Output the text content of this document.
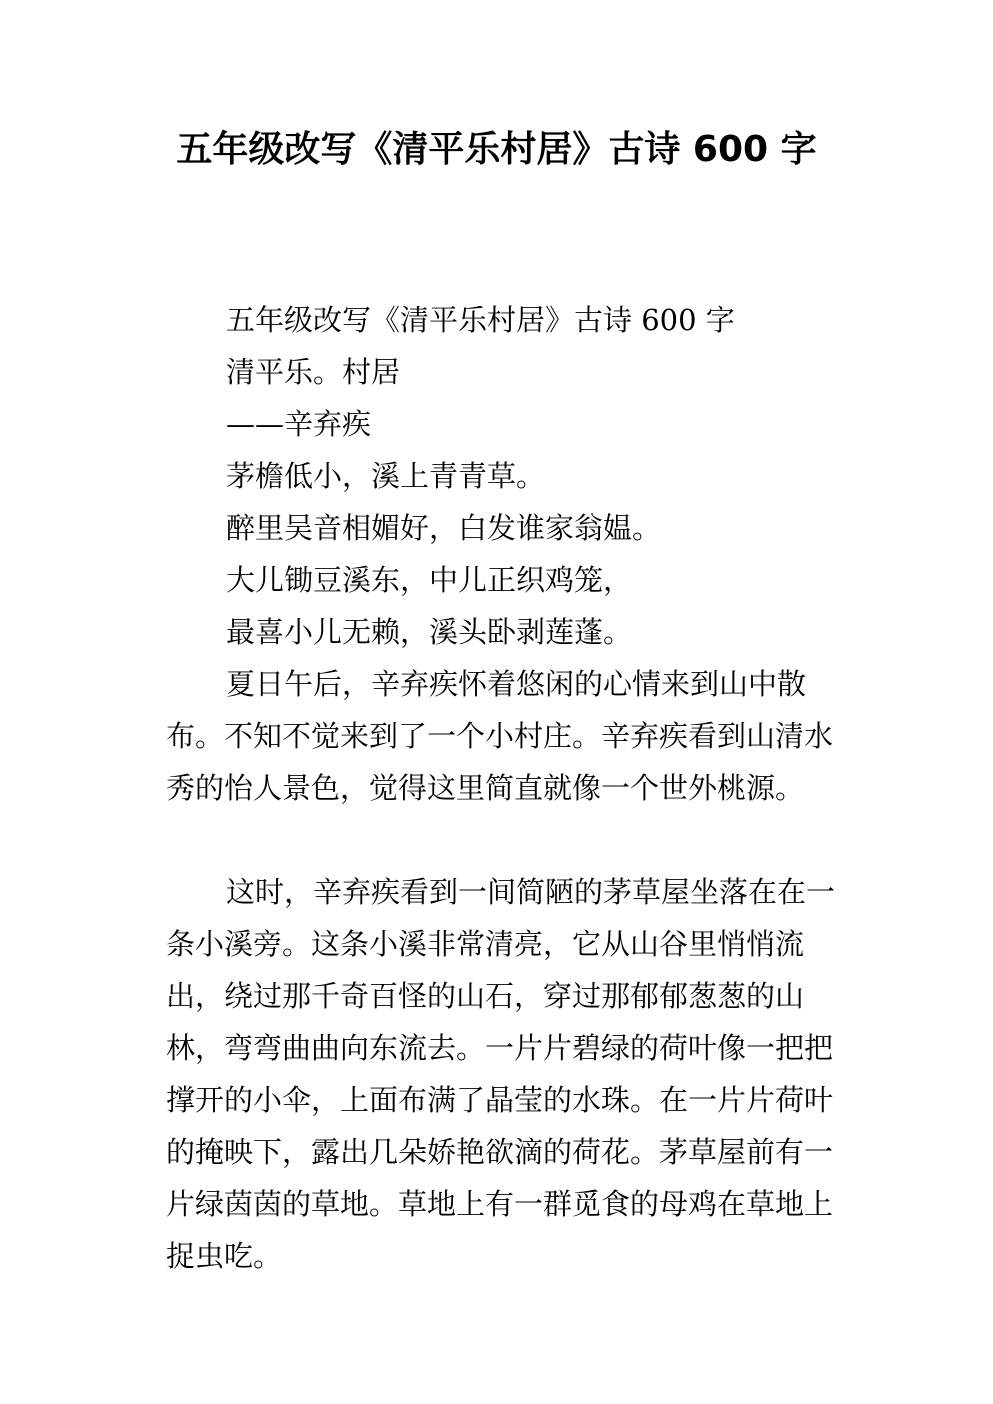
五年级改写《清平乐村居》古诗 600 字

五年级改写《清平乐村居》古诗 600 字

清平乐。村居

——辛弃疾

茅檐低小，溪上青青草。

醉里吴音相媚好，白发谁家翁媪。

大儿锄豆溪东，中儿正织鸡笼，

最喜小儿无赖，溪头卧剥莲蓬。

夏日午后，辛弃疾怀着悠闲的心情来到山中散布。不知不觉来到了一个小村庄。辛弃疾看到山清水秀的怡人景色，觉得这里简直就像一个世外桃源。

这时，辛弃疾看到一间简陋的茅草屋坐落在在一条小溪旁。这条小溪非常清亮，它从山谷里悄悄流出，绕过那千奇百怪的山石，穿过那郁郁葱葱的山林，弯弯曲曲向东流去。一片片碧绿的荷叶像一把把撑开的小伞，上面布满了晶莹的水珠。在一片片荷叶的掩映下，露出几朵娇艳欲滴的荷花。茅草屋前有一片绿茵茵的草地。草地上有一群觅食的母鸡在草地上捉虫吃。
